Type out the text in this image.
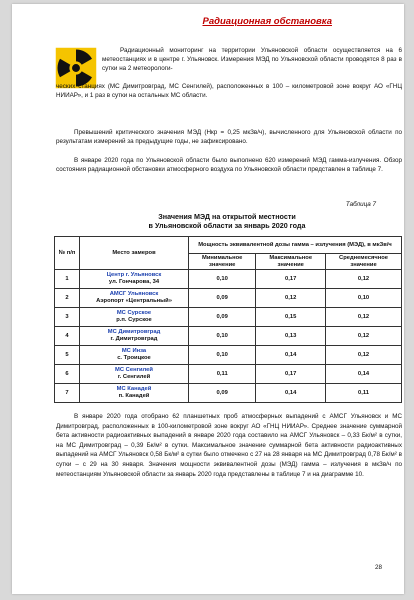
Радиационная обстановка
Радиационный мониторинг на территории Ульяновской области осуществляется на 6 метеостанциях и в центре г. Ульяновск. Измерения МЭД по Ульяновской области проводятся 8 раз в сутки на 2 метеорологи-
ческих станциях (МС Димитровград, МС Сенгилей), расположенных в 100 – километровой зоне вокруг АО «ГНЦ НИИАР», и 1 раз в сутки на остальных МС области.
Превышений критического значения МЭД (Нкр = 0,25 мкЗв/ч), вычисленного для Ульяновской области по результатам измерений за предыдущие годы, не зафиксировано.
В январе 2020 года по Ульяновской области было выполнено 620 измерений МЭД гамма-излучения. Обзор состояния радиационной обстановки атмосферного воздуха по Ульяновской области представлен в таблице 7.
Таблица 7
Значения МЭД на открытой местности
в Ульяновской области за январь 2020 года
№ п/п	Место замеров	Мощность эквивалентной дозы гамма – излучения (МЭД), в мкЗв/ч		
		Минимальное значение	Максимальное значение	Среднемесячное значение
1	Центр г. Ульяновск
ул. Гончарова, 34	0,10	0,17	0,12
2	АМСГ Ульяновск
Аэропорт «Центральный»	0,09	0,12	0,10
3	МС Сурское
р.п. Сурское	0,09	0,15	0,12
4	МС Димитровград
г. Димитровград	0,10	0,13	0,12
5	МС Инза
с. Троицкое	0,10	0,14	0,12
6	МС Сенгилей
г. Сенгилей	0,11	0,17	0,14
7	МС Канадей
п. Канадей	0,09	0,14	0,11
В январе 2020 года отобрано 62 планшетных проб атмосферных выпадений с АМСГ Ульяновск и МС Димитровград, расположенных в 100-километровой зоне вокруг АО «ГНЦ НИИАР». Среднее значение суммарной бета активности радиоактивных выпадений в январе 2020 года составило на АМСГ Ульяновск – 0,33 Бк/м² в сутки, на МС Димитровград – 0,39 Бк/м² в сутки. Максимальное значение суммарной бета активности радиоактивных выпадений на АМСГ Ульяновск 0,58 Бк/м² в сутки было отмечено с 27 на 28 января на МС Димитровград 0,78 Бк/м² в сутки – с 29 на 30 января. Значения мощности эквивалентной дозы (МЭД) гамма – излучения в мкЗв/ч по метеостанциям Ульяновской области за январь 2020 года представлены в таблице 7 и на диаграмме 10.
28
